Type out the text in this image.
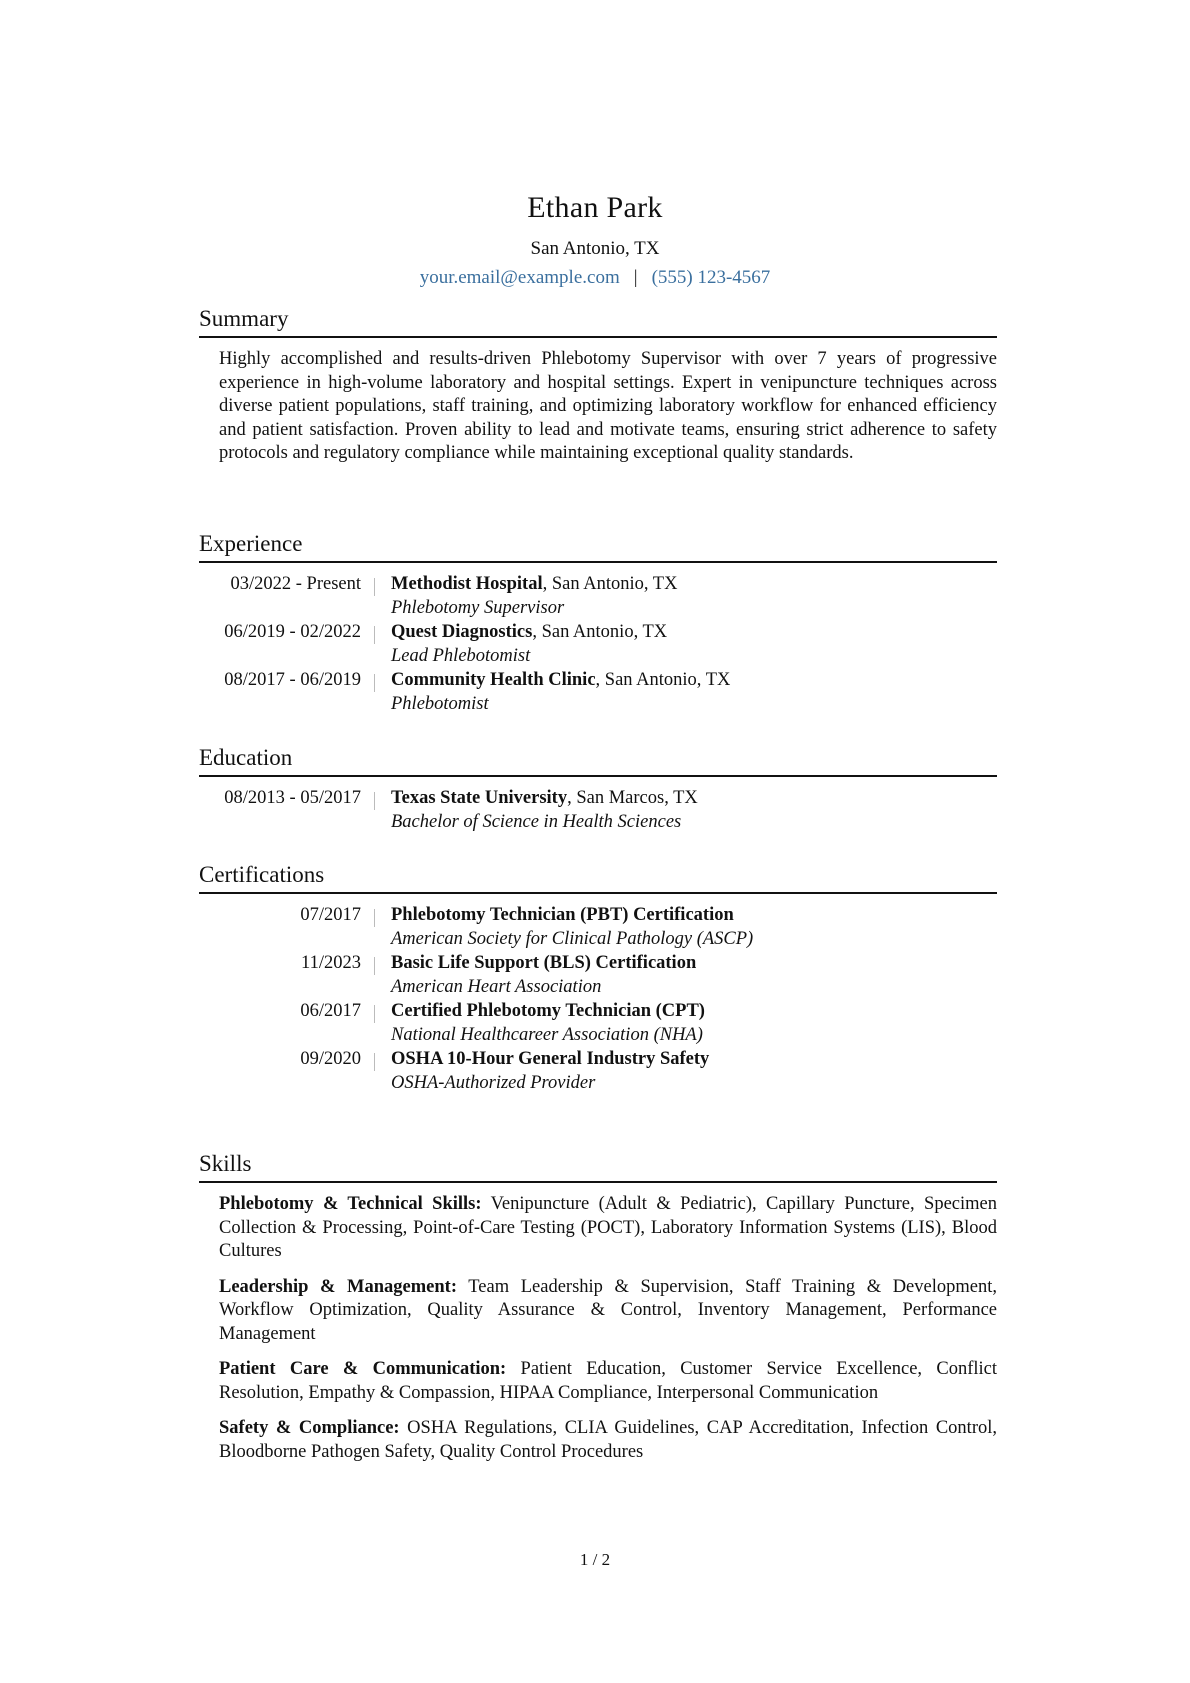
Ethan Park
San Antonio, TX
your.email@example.com | (555) 123-4567
Summary
Highly accomplished and results-driven Phlebotomy Supervisor with over 7 years of progressive experience in high-volume laboratory and hospital settings. Expert in venipuncture techniques across diverse patient populations, staff training, and optimizing laboratory workflow for enhanced efficiency and patient satisfaction. Proven ability to lead and motivate teams, ensuring strict adherence to safety protocols and regulatory compliance while maintaining exceptional quality standards.
Experience
03/2022 - Present	Methodist Hospital, San Antonio, TX
Phlebotomy Supervisor
06/2019 - 02/2022	Quest Diagnostics, San Antonio, TX
Lead Phlebotomist
08/2017 - 06/2019	Community Health Clinic, San Antonio, TX
Phlebotomist
Education
08/2013 - 05/2017	Texas State University, San Marcos, TX
Bachelor of Science in Health Sciences
Certifications
07/2017	Phlebotomy Technician (PBT) Certification
American Society for Clinical Pathology (ASCP)
11/2023	Basic Life Support (BLS) Certification
American Heart Association
06/2017	Certified Phlebotomy Technician (CPT)
National Healthcareer Association (NHA)
09/2020	OSHA 10-Hour General Industry Safety
OSHA-Authorized Provider
Skills
Phlebotomy & Technical Skills: Venipuncture (Adult & Pediatric), Capillary Puncture, Specimen Collection & Processing, Point-of-Care Testing (POCT), Laboratory Information Systems (LIS), Blood Cultures
Leadership & Management: Team Leadership & Supervision, Staff Training & Development, Workflow Optimization, Quality Assurance & Control, Inventory Management, Performance Management
Patient Care & Communication: Patient Education, Customer Service Excellence, Conflict Resolution, Empathy & Compassion, HIPAA Compliance, Interpersonal Communication
Safety & Compliance: OSHA Regulations, CLIA Guidelines, CAP Accreditation, Infection Control, Bloodborne Pathogen Safety, Quality Control Procedures
1 / 2
